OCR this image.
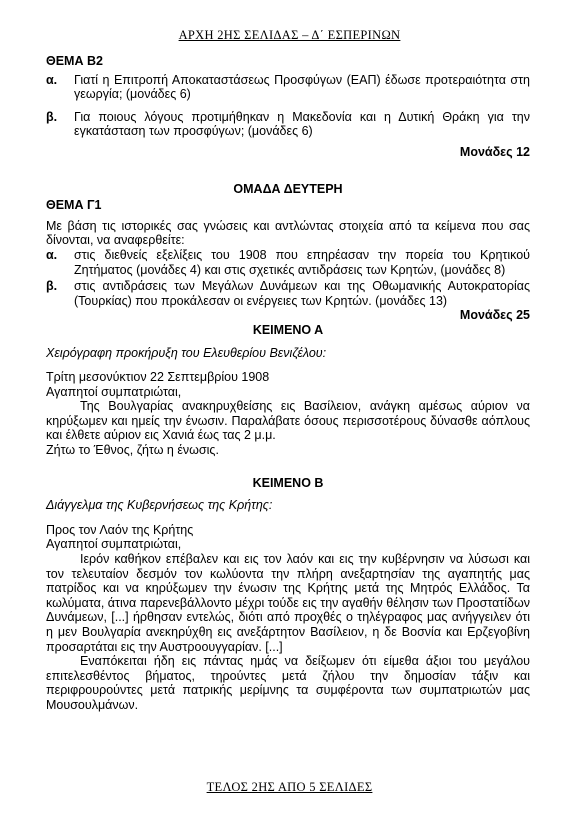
ΑΡΧΗ 2ΗΣ ΣΕΛΙΔΑΣ – Δ΄ ΕΣΠΕΡΙΝΩΝ
ΘΕΜΑ Β2
α.	Γιατί η Επιτροπή Αποκαταστάσεως Προσφύγων (ΕΑΠ) έδωσε προτεραιότητα στη γεωργία; (μονάδες 6)
β.	Για ποιους λόγους προτιμήθηκαν η Μακεδονία και η Δυτική Θράκη για την εγκατάσταση των προσφύγων; (μονάδες 6)
Μονάδες 12
ΟΜΑΔΑ ΔΕΥΤΕΡΗ
ΘΕΜΑ Γ1
Με βάση τις ιστορικές σας γνώσεις και αντλώντας στοιχεία από τα κείμενα που σας δίνονται, να αναφερθείτε:
α.	στις διεθνείς εξελίξεις του 1908 που επηρέασαν την πορεία του Κρητικού Ζητήματος (μονάδες 4) και στις σχετικές αντιδράσεις των Κρητών, (μονάδες 8)
β.	στις αντιδράσεις των Μεγάλων Δυνάμεων και της Οθωμανικής Αυτοκρατορίας (Τουρκίας) που προκάλεσαν οι ενέργειες των Κρητών. (μονάδες 13)
Μονάδες 25
ΚΕΙΜΕΝΟ Α
Χειρόγραφη προκήρυξη του Ελευθερίου Βενιζέλου:
Τρίτη μεσονύκτιον 22 Σεπτεμβρίου 1908
Αγαπητοί συμπατριώται,
Της Βουλγαρίας ανακηρυχθείσης εις Βασίλειον, ανάγκη αμέσως αύριον να κηρύξωμεν και ημείς την ένωσιν. Παραλάβατε όσους περισσοτέρους δύνασθε αόπλους και έλθετε αύριον εις Χανιά έως τας 2 μ.μ.
Ζήτω το Έθνος, ζήτω η ένωσις.
ΚΕΙΜΕΝΟ Β
Διάγγελμα της Κυβερνήσεως της Κρήτης:
Προς τον Λαόν της Κρήτης
Αγαπητοί συμπατριώται,
Ιερόν καθήκον επέβαλεν και εις τον λαόν και εις την κυβέρνησιν να λύσωσι και τον τελευταίον δεσμόν τον κωλύοντα την πλήρη ανεξαρτησίαν της αγαπητής μας πατρίδος και να κηρύξωμεν την ένωσιν της Κρήτης μετά της Μητρός Ελλάδος. Τα κωλύματα, άτινα παρενεβάλλοντο μέχρι τούδε εις την αγαθήν θέλησιν των Προστατίδων Δυνάμεων, [...] ήρθησαν εντελώς, διότι από προχθές ο τηλέγραφος μας ανήγγειλεν ότι η μεν Βουλγαρία ανεκηρύχθη εις ανεξάρτητον Βασίλειον, η δε Βοσνία και Ερζεγοβίνη προσαρτάται εις την Αυστροουγγαρίαν. [...]
Εναπόκειται ήδη εις πάντας ημάς να δείξωμεν ότι είμεθα άξιοι του μεγάλου επιτελεσθέντος βήματος, τηρούντες μετά ζήλου την δημοσίαν τάξιν και περιφρουρούντες μετά πατρικής μερίμνης τα συμφέροντα των συμπατριωτών μας Μουσουλμάνων.
ΤΕΛΟΣ 2ΗΣ ΑΠΟ 5 ΣΕΛΙΔΕΣ
